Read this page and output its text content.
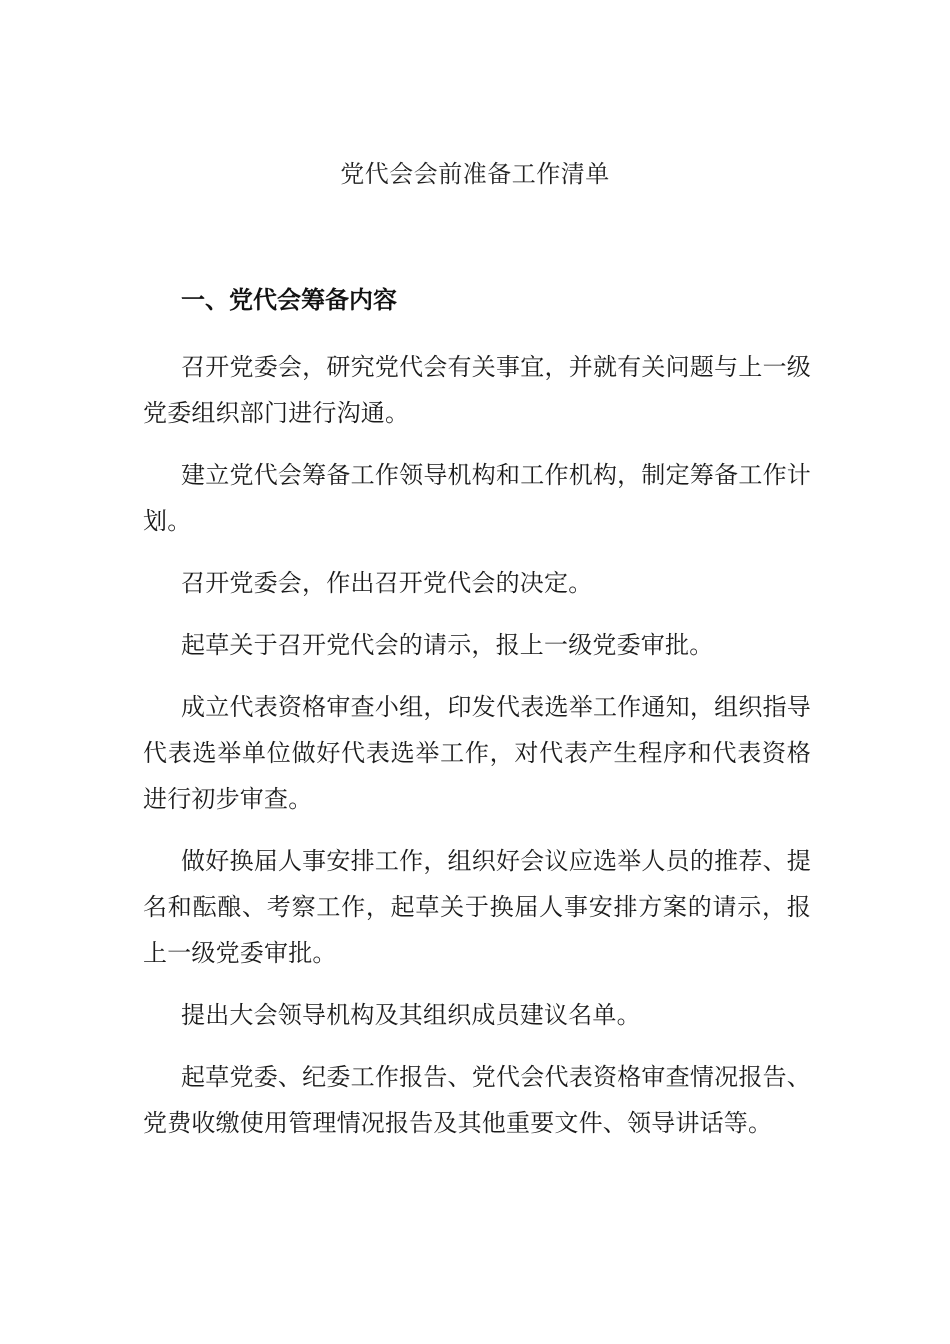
党代会会前准备工作清单
一、党代会筹备内容

召开党委会，研究党代会有关事宜，并就有关问题与上一级党委组织部门进行沟通。

建立党代会筹备工作领导机构和工作机构，制定筹备工作计划。

召开党委会，作出召开党代会的决定。

起草关于召开党代会的请示，报上一级党委审批。

成立代表资格审查小组，印发代表选举工作通知，组织指导代表选举单位做好代表选举工作，对代表产生程序和代表资格进行初步审查。

做好换届人事安排工作，组织好会议应选举人员的推荐、提名和酝酿、考察工作，起草关于换届人事安排方案的请示，报上一级党委审批。

提出大会领导机构及其组织成员建议名单。

起草党委、纪委工作报告、党代会代表资格审查情况报告、党费收缴使用管理情况报告及其他重要文件、领导讲话等。
